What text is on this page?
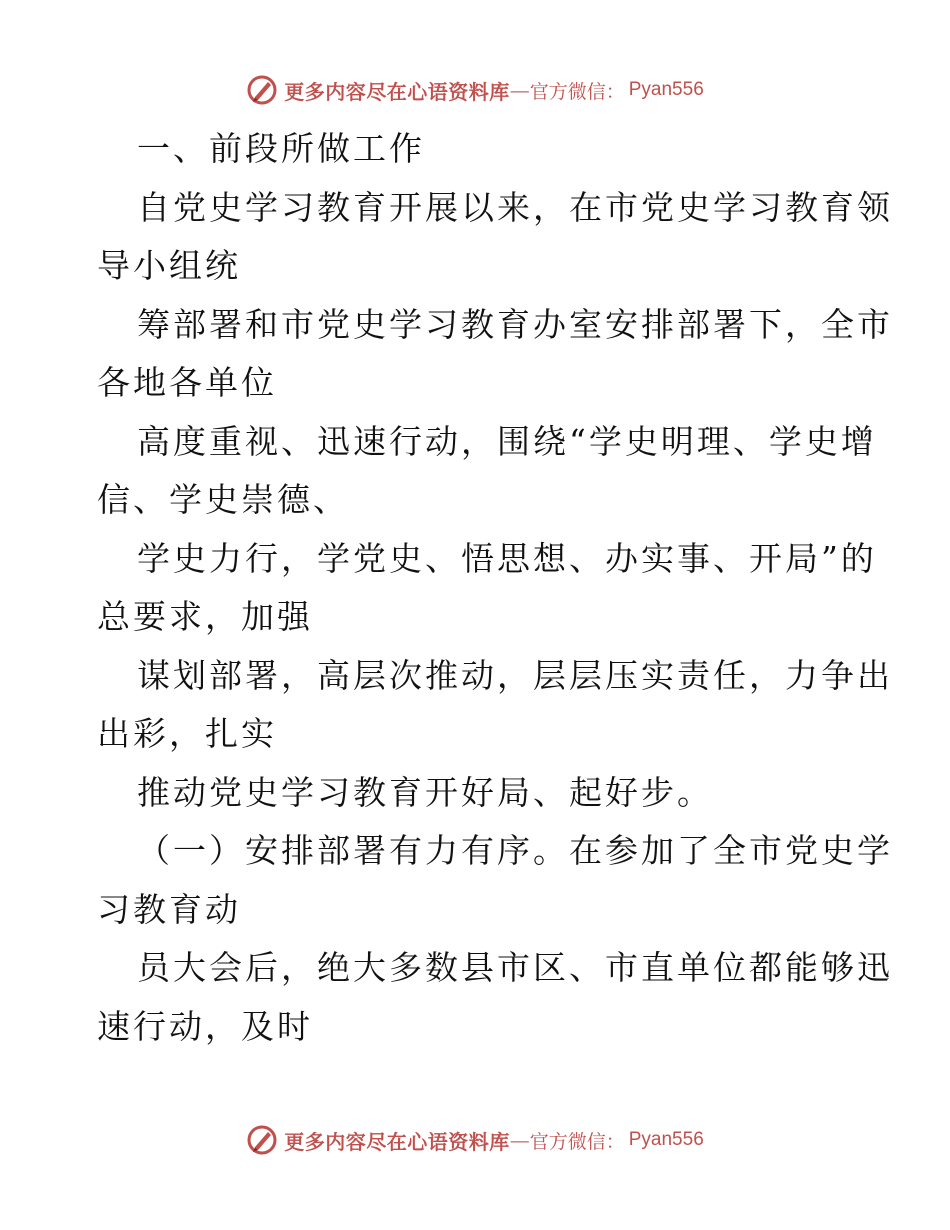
更多内容尽在心语资料库 — 官方微信： Pyan556
一、前段所做工作
自党史学习教育开展以来，在市党史学习教育领
导小组统
筹部署和市党史学习教育办室安排部署下，全市
各地各单位
高度重视、迅速行动，围绕“学史明理、学史增
信、学史崇德、
学史力行，学党史、悟思想、办实事、开局”的
总要求，加强
谋划部署，高层次推动，层层压实责任，力争出
出彩，扎实
推动党史学习教育开好局、起好步。
（一）安排部署有力有序。在参加了全市党史学
习教育动
员大会后，绝大多数县市区、市直单位都能够迅
速行动，及时
更多内容尽在心语资料库 — 官方微信： Pyan556
